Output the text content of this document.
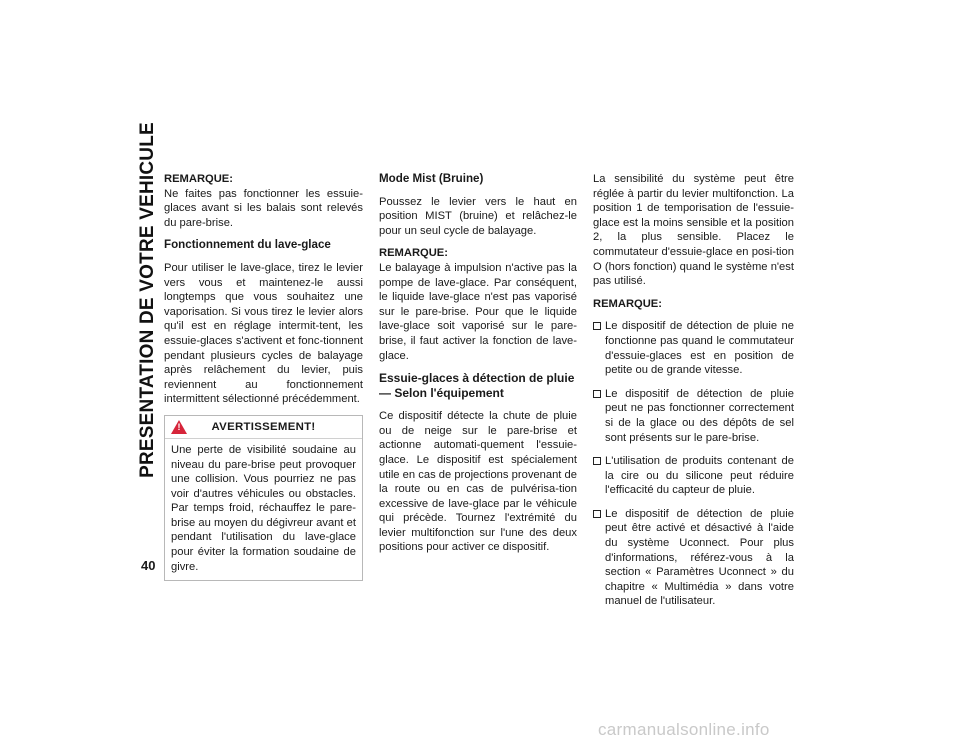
PRESENTATION DE VOTRE VEHICULE
40

REMARQUE:
Ne faites pas fonctionner les essuie-glaces avant si les balais sont relevés du pare-brise.

Fonctionnement du lave-glace

Pour utiliser le lave-glace, tirez le levier vers vous et maintenez-le aussi longtemps que vous souhaitez une vaporisation. Si vous tirez le levier alors qu'il est en réglage intermit-tent, les essuie-glaces s'activent et fonc-tionnent pendant plusieurs cycles de balayage après relâchement du levier, puis reviennent au fonctionnement intermittent sélectionné précédemment.

!	AVERTISSEMENT!

Une perte de visibilité soudaine au niveau du pare-brise peut provoquer une collision. Vous pourriez ne pas voir d'autres véhicules ou obstacles. Par temps froid, réchauffez le pare-brise au moyen du dégivreur avant et pendant l'utilisation du lave-glace pour éviter la formation soudaine de givre.

Mode Mist (Bruine)

Poussez le levier vers le haut en position MIST (bruine) et relâchez-le pour un seul cycle de balayage.

REMARQUE:
Le balayage à impulsion n'active pas la pompe de lave-glace. Par conséquent, le liquide lave-glace n'est pas vaporisé sur le pare-brise. Pour que le liquide lave-glace soit vaporisé sur le pare-brise, il faut activer la fonction de lave-glace.

Essuie-glaces à détection de pluie — Selon l'équipement

Ce dispositif détecte la chute de pluie ou de neige sur le pare-brise et actionne automati-quement l'essuie-glace. Le dispositif est spécialement utile en cas de projections provenant de la route ou en cas de pulvérisa-tion excessive de lave-glace par le véhicule qui précède. Tournez l'extrémité du levier multifonction sur l'une des deux positions pour activer ce dispositif.

La sensibilité du système peut être réglée à partir du levier multifonction. La position 1 de temporisation de l'essuie-glace est la moins sensible et la position 2, la plus sensible. Placez le commutateur d'essuie-glace en posi-tion O (hors fonction) quand le système n'est pas utilisé.

REMARQUE:

Le dispositif de détection de pluie ne fonctionne pas quand le commutateur d'essuie-glaces est en position de petite ou de grande vitesse.
Le dispositif de détection de pluie peut ne pas fonctionner correctement si de la glace ou des dépôts de sel sont présents sur le pare-brise.
L'utilisation de produits contenant de la cire ou du silicone peut réduire l'efficacité du capteur de pluie.
Le dispositif de détection de pluie peut être activé et désactivé à l'aide du système Uconnect. Pour plus d'informations, référez-vous à la section « Paramètres Uconnect » du chapitre « Multimédia » dans votre manuel de l'utilisateur.
carmanualsonline.info
